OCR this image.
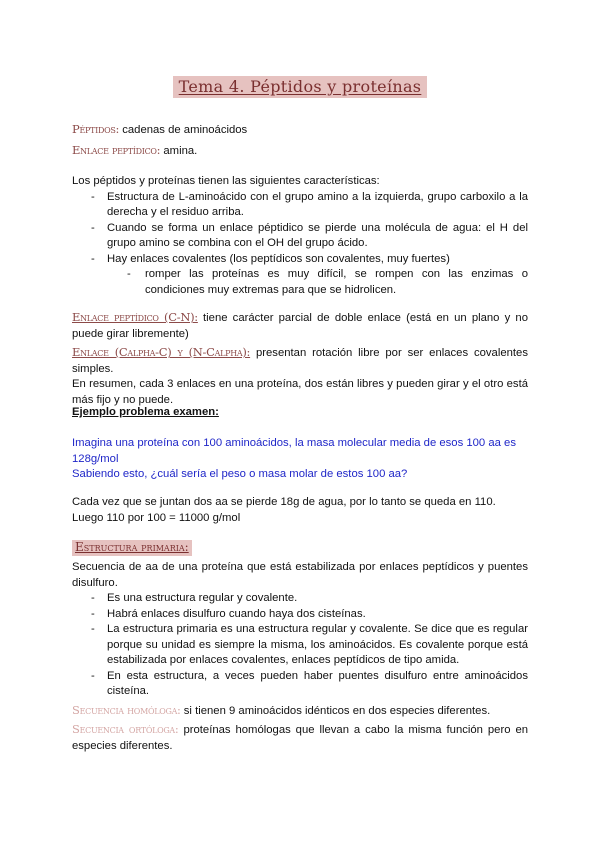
Tema 4. Péptidos y proteínas
Péptidos: cadenas de aminoácidos
Enlace peptídico: amina.
Los péptidos y proteínas tienen las siguientes características:
- Estructura de L-aminoácido con el grupo amino a la izquierda, grupo carboxilo a la derecha y el residuo arriba.
- Cuando se forma un enlace péptidico se pierde una molécula de agua: el H del grupo amino se combina con el OH del grupo ácido.
- Hay enlaces covalentes (los peptídicos son covalentes, muy fuertes)
- romper las proteínas es muy difícil, se rompen con las enzimas o condiciones muy extremas para que se hidrolicen.
Enlace peptídico (C-N): tiene carácter parcial de doble enlace (está en un plano y no puede girar libremente)
Enlace (Calpha-C) y (N-Calpha): presentan rotación libre por ser enlaces covalentes simples.
En resumen, cada 3 enlaces en una proteína, dos están libres y pueden girar y el otro está más fijo y no puede.
Ejemplo problema examen:
Imagina una proteína con 100 aminoácidos, la masa molecular media de esos 100 aa es 128g/mol
Sabiendo esto, ¿cuál sería el peso o masa molar de estos 100 aa?
Cada vez que se juntan dos aa se pierde 18g de agua, por lo tanto se queda en 110.
Luego 110 por 100 = 11000 g/mol
Estructura primaria:
Secuencia de aa de una proteína que está estabilizada por enlaces peptídicos y puentes disulfuro.
- Es una estructura regular y covalente.
- Habrá enlaces disulfuro cuando haya dos cisteínas.
- La estructura primaria es una estructura regular y covalente. Se dice que es regular porque su unidad es siempre la misma, los aminoácidos. Es covalente porque está estabilizada por enlaces covalentes, enlaces peptídicos de tipo amida.
- En esta estructura, a veces pueden haber puentes disulfuro entre aminoácidos cisteína.
Secuencia homóloga: si tienen 9 aminoácidos idénticos en dos especies diferentes.
Secuencia ortóloga: proteínas homólogas que llevan a cabo la misma función pero en especies diferentes.
